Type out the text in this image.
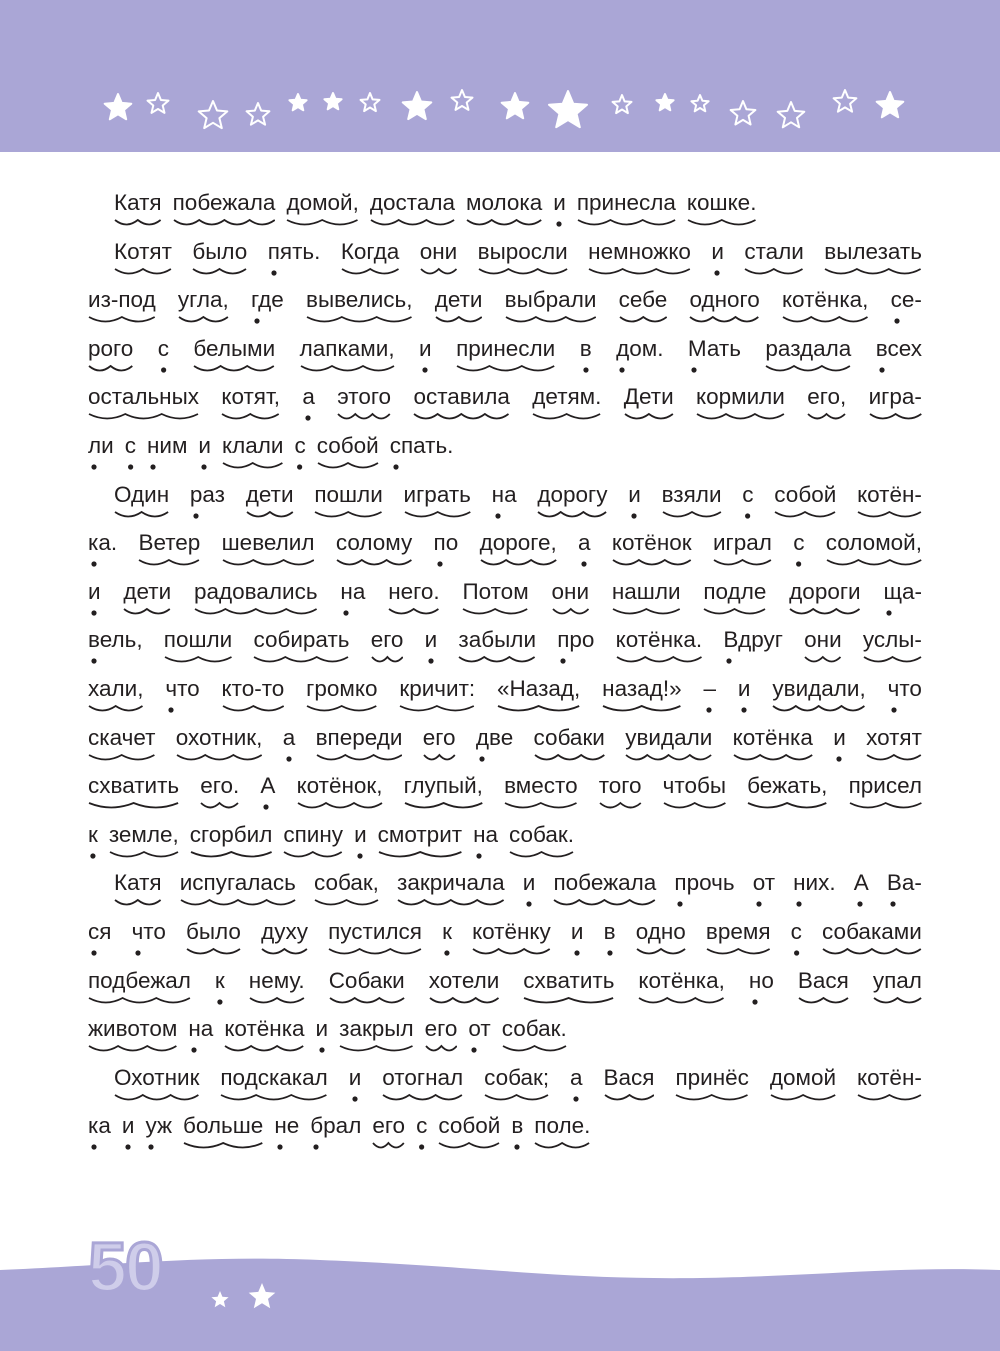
Катя побежала домой, достала молока и принесла кошке.
Котят было пять. Когда они выросли немножко и стали вылезать
из-под угла, где вывелись, дети выбрали себе одного котёнка, се-
рого с белыми лапками, и принесли в дом. Мать раздала всех
остальных котят, а этого оставила детям. Дети кормили его, игра-
ли с ним и клали с собой спать.
Один раз дети пошли играть на дорогу и взяли с собой котён-
ка. Ветер шевелил солому по дороге, а котёнок играл с соломой,
и дети радовались на него. Потом они нашли подле дороги ща-
вель, пошли собирать его и забыли про котёнка. Вдруг они услы-
хали, что кто-то громко кричит: «Назад, назад!» – и увидали, что
скачет охотник, а впереди его две собаки увидали котёнка и хотят
схватить его. А котёнок, глупый, вместо того чтобы бежать, присел
к земле, сгорбил спину и смотрит на собак.
Катя испугалась собак, закричала и побежала прочь от них. А Ва-
ся что было духу пустился к котёнку и в одно время с собаками
подбежал к нему. Собаки хотели схватить котёнка, но Вася упал
животом на котёнка и закрыл его от собак.
Охотник подскакал и отогнал собак; а Вася принёс домой котён-
ка и уж больше не брал его с собой в поле.
50
